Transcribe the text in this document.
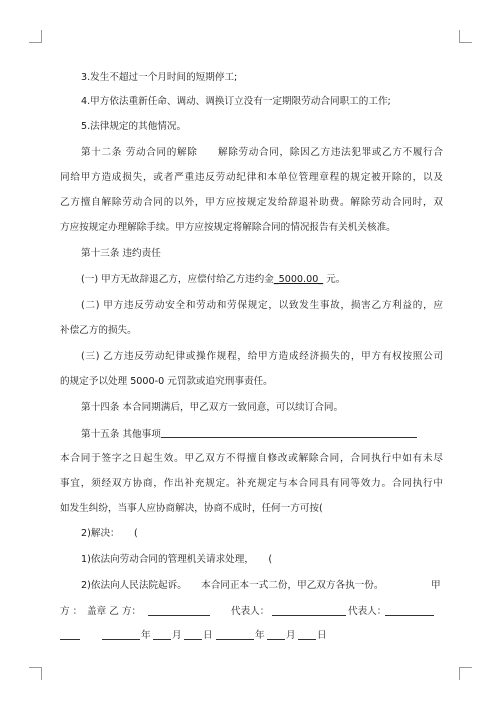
3.发生不超过一个月时间的短期停工;
4.甲方依法重新任命、调动、调换订立没有一定期限劳动合同职工的工作;
5.法律规定的其他情况。
第十二条 劳动合同的解除　　解除劳动合同，除因乙方违法犯罪或乙方不履行合
同给甲方造成损失，或者严重违反劳动纪律和本单位管理章程的规定被开除的，以及
乙方擅自解除劳动合同的以外，甲方应按规定发给辞退补助费。解除劳动合同时，双
方应按规定办理解除手续。甲方应按规定将解除合同的情况报告有关机关核准。
第十三条 违约责任
(一) 甲方无故辞退乙方，应偿付给乙方违约金_5000.00_ 元。
(二) 甲方违反劳动安全和劳动和劳保规定，以致发生事故，损害乙方利益的，应
补偿乙方的损失。
(三) 乙方违反劳动纪律或操作规程，给甲方造成经济损失的，甲方有权按照公司
的规定予以处理 5000-0 元罚款或追究刑事责任。
第十四条 本合同期满后，甲乙双方一致同意，可以续订合同。
第十五条 其他事项
本合同于签字之日起生效。甲乙双方不得擅自修改或解除合同，合同执行中如有未尽
事宜，须经双方协商，作出补充规定。补充规定与本合同具有同等效力。合同执行中
如发生纠纷，当事人应协商解决，协商不成时，任何一方可按(
2)解决：　　(
1)依法向劳动合同的管理机关请求处理，　　(
2)依法向人民法院起诉。　　本合同正本一式二份，甲乙双方各执一份。	甲
方 ： 盖章 乙 方：	代表人：	代表人：
年 月 日	年 月 日
